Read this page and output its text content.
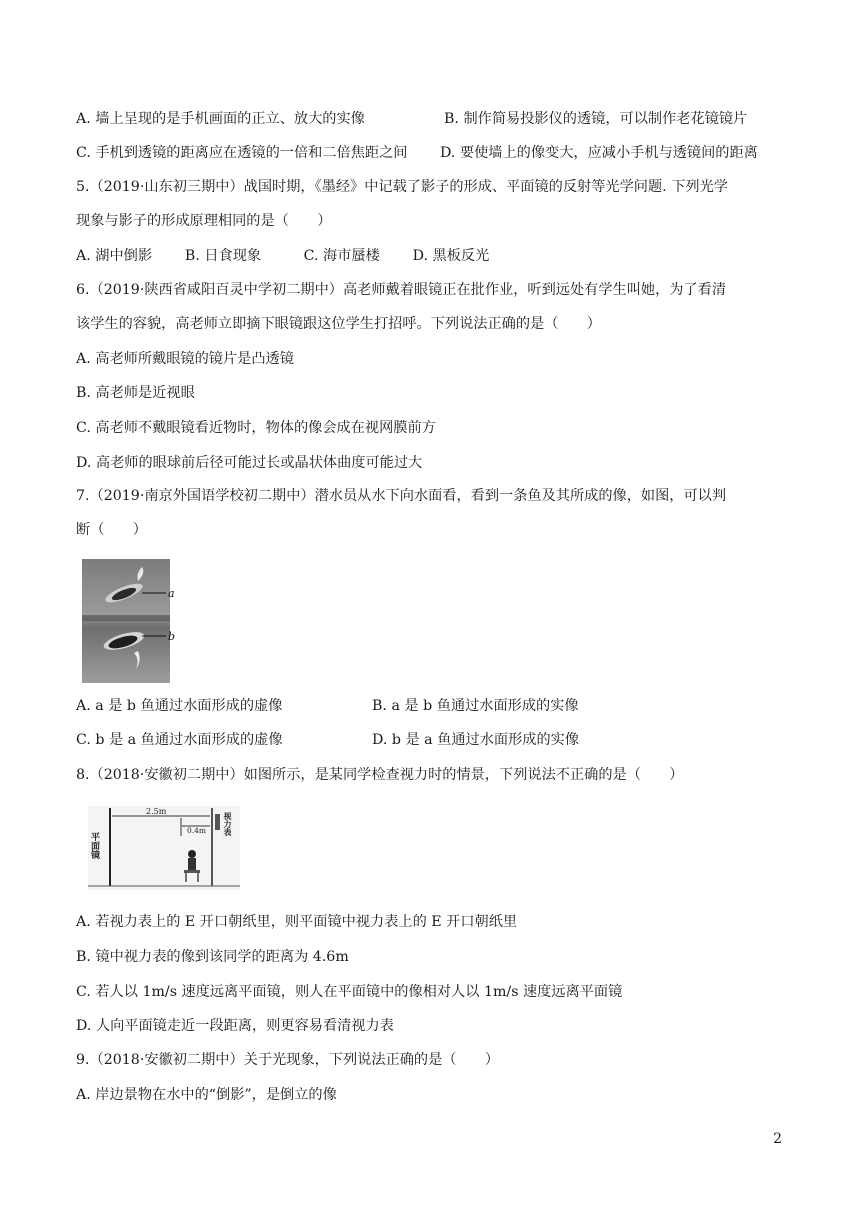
A. 墙上呈现的是手机画面的正立、放大的实像	B. 制作简易投影仪的透镜，可以制作老花镜镜片
C. 手机到透镜的距离应在透镜的一倍和二倍焦距之间 D. 要使墙上的像变大，应减小手机与透镜间的距离
5.（2019·山东初三期中）战国时期，《墨经》中记载了影子的形成、平面镜的反射等光学问题. 下列光学
现象与影子的形成原理相同的是（　　）
A. 湖中倒影　　 B. 日食现象　　　C. 海市蜃楼　　 D. 黑板反光
6.（2019·陕西省咸阳百灵中学初二期中）高老师戴着眼镜正在批作业，听到远处有学生叫她，为了看清
该学生的容貌，高老师立即摘下眼镜跟这位学生打招呼。下列说法正确的是（　　）
A. 高老师所戴眼镜的镜片是凸透镜
B. 高老师是近视眼
C. 高老师不戴眼镜看近物时，物体的像会成在视网膜前方
D. 高老师的眼球前后径可能过长或晶状体曲度可能过大
7.（2019·南京外国语学校初二期中）潜水员从水下向水面看，看到一条鱼及其所成的像，如图，可以判
断（　　）
a
b
A. a 是 b 鱼通过水面形成的虚像	B. a 是 b 鱼通过水面形成的实像
C. b 是 a 鱼通过水面形成的虚像	D. b 是 a 鱼通过水面形成的实像
8.（2018·安徽初二期中）如图所示，是某同学检查视力时的情景，下列说法不正确的是（　　）
2.5m
0.4m
平面镜
视力表
A. 若视力表上的 E 开口朝纸里，则平面镜中视力表上的 E 开口朝纸里
B. 镜中视力表的像到该同学的距离为 4.6m
C. 若人以 1m/s 速度远离平面镜，则人在平面镜中的像相对人以 1m/s 速度远离平面镜
D. 人向平面镜走近一段距离，则更容易看清视力表
9.（2018·安徽初二期中）关于光现象，下列说法正确的是（　　）
A. 岸边景物在水中的“倒影”，是倒立的像
2
